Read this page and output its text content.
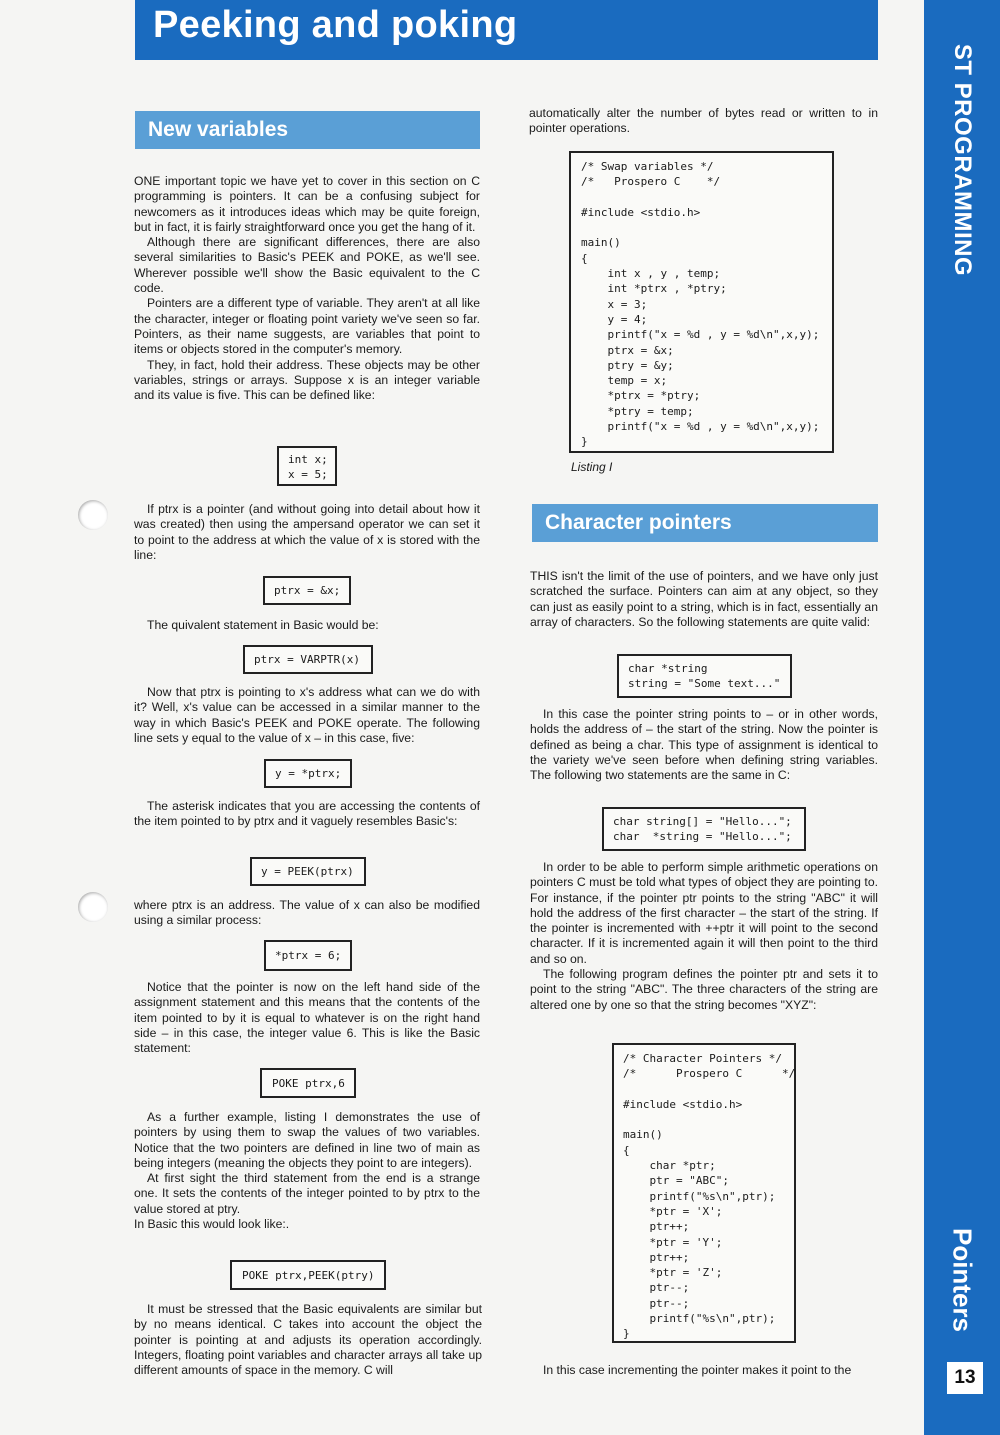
Peeking and poking
ST PROGRAMMING
Pointers
13
New variables

ONE important topic we have yet to cover in this section on C programming is pointers. It can be a confusing subject for newcomers as it introduces ideas which may be quite foreign, but in fact, it is fairly straightforward once you get the hang of it.

Although there are significant differences, there are also several similarities to Basic's PEEK and POKE, as we'll see. Wherever possible we'll show the Basic equivalent to the C code.

Pointers are a different type of variable. They aren't at all like the character, integer or floating point variety we've seen so far. Pointers, as their name suggests, are variables that point to items or objects stored in the computer's memory.

They, in fact, hold their address. These objects may be other variables, strings or arrays. Suppose x is an integer variable and its value is five. This can be defined like:

int x;
x = 5;

If ptrx is a pointer (and without going into detail about how it was created) then using the ampersand operator we can set it to point to the address at which the value of x is stored with the line:

ptrx = &x;

The quivalent statement in Basic would be:

ptrx = VARPTR(x)

Now that ptrx is pointing to x's address what can we do with it? Well, x's value can be accessed in a similar manner to the way in which Basic's PEEK and POKE operate. The following line sets y equal to the value of x – in this case, five:

y = *ptrx;

The asterisk indicates that you are accessing the contents of the item pointed to by ptrx and it vaguely resembles Basic's:

y = PEEK(ptrx)

where ptrx is an address. The value of x can also be modified using a similar process:

*ptrx = 6;

Notice that the pointer is now on the left hand side of the assignment statement and this means that the contents of the item pointed to by it is equal to whatever is on the right hand side – in this case, the integer value 6. This is like the Basic statement:

POKE ptrx,6

As a further example, listing I demonstrates the use of pointers by using them to swap the values of two variables. Notice that the two pointers are defined in line two of main as being integers (meaning the objects they point to are integers).

At first sight the third statement from the end is a strange one. It sets the contents of the integer pointed to by ptrx to the value stored at ptry.

In Basic this would look like:.

POKE ptrx,PEEK(ptry)

It must be stressed that the Basic equivalents are similar but by no means identical. C takes into account the object the pointer is pointing at and adjusts its operation accordingly. Integers, floating point variables and character arrays all take up different amounts of space in the memory. C will

automatically alter the number of bytes read or written to in pointer operations.

/* Swap variables */
/*   Prospero C    */

#include <stdio.h>

main()
{
int x , y , temp;
int *ptrx , *ptry;
x = 3;
y = 4;
printf("x = %d , y = %d\n",x,y);
ptrx = &x;
ptry = &y;
temp = x;
*ptrx = *ptry;
*ptry = temp;
printf("x = %d , y = %d\n",x,y);
}
Listing I
Character pointers

THIS isn't the limit of the use of pointers, and we have only just scratched the surface. Pointers can aim at any object, so they can just as easily point to a string, which is in fact, essentially an array of characters. So the following statements are quite valid:

char *string
string = "Some text..."

In this case the pointer string points to – or in other words, holds the address of – the start of the string. Now the pointer is defined as being a char. This type of assignment is identical to the variety we've seen before when defining string variables. The following two statements are the same in C:

char string[] = "Hello...";
char  *string = "Hello...";

In order to be able to perform simple arithmetic operations on pointers C must be told what types of object they are pointing to. For instance, if the pointer ptr points to the string "ABC" it will hold the address of the first character – the start of the string. If the pointer is incremented with ++ptr it will point to the second character. If it is incremented again it will then point to the third and so on.

The following program defines the pointer ptr and sets it to point to the string "ABC". The three characters of the string are altered one by one so that the string becomes "XYZ":

/* Character Pointers */
/*      Prospero C      */

#include <stdio.h>

main()
{
char *ptr;
ptr = "ABC";
printf("%s\n",ptr);
*ptr = 'X';
ptr++;
*ptr = 'Y';
ptr++;
*ptr = 'Z';
ptr--;
ptr--;
printf("%s\n",ptr);
}

In this case incrementing the pointer makes it point to the
